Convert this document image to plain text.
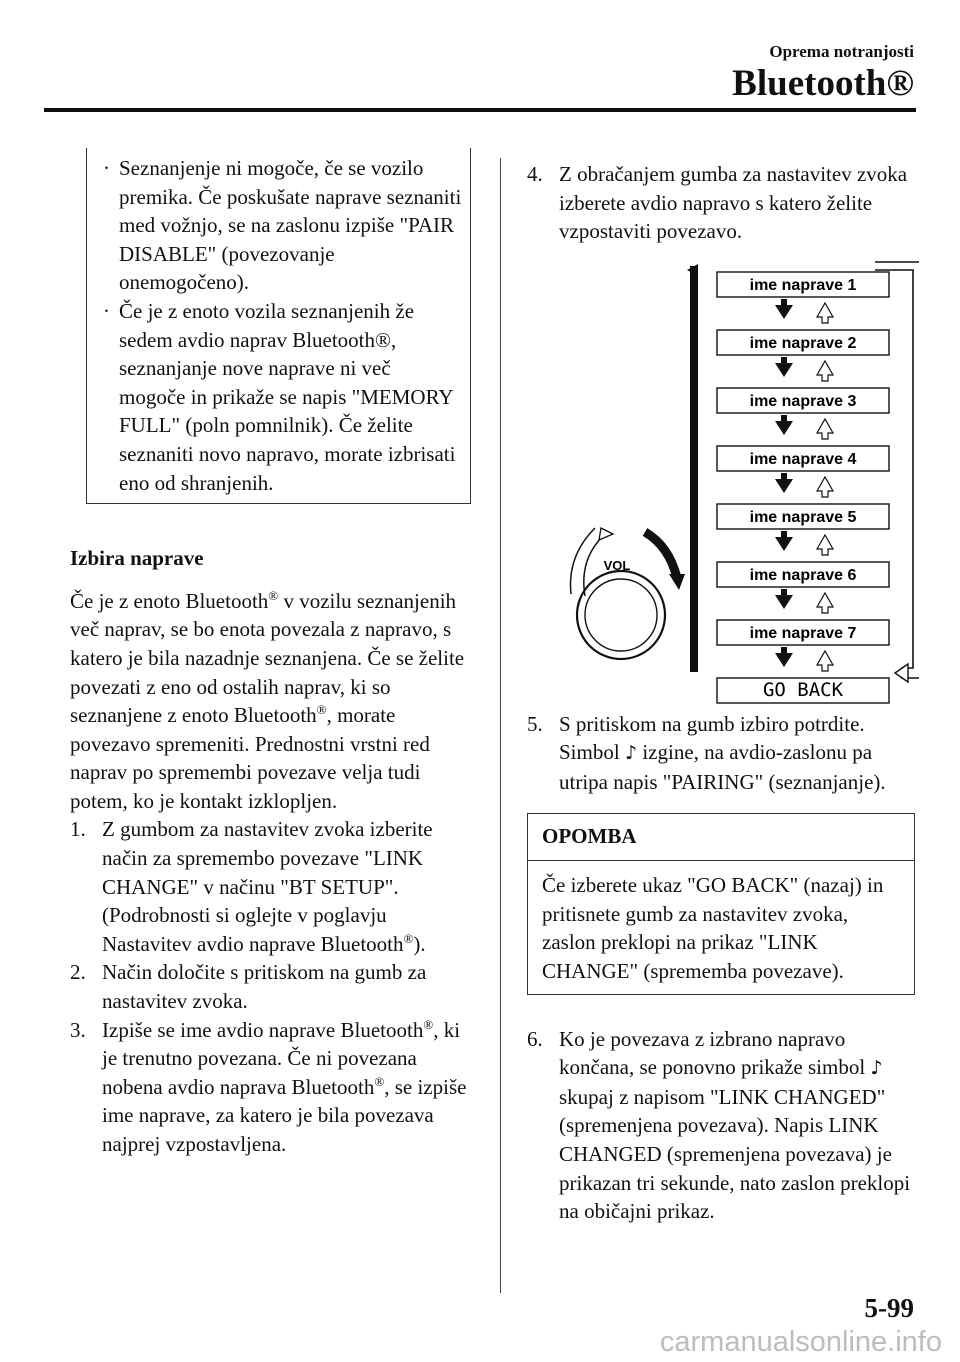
Oprema notranjosti
Bluetooth®
· Seznanjenje ni mogoče, če se vozilo premika. Če poskušate naprave seznaniti med vožnjo, se na zaslonu izpiše "PAIR DISABLE" (povezovanje onemogočeno).
· Če je z enoto vozila seznanjenih že sedem avdio naprav Bluetooth®, seznanjanje nove naprave ni več mogoče in prikaže se napis "MEMORY FULL" (poln pomnilnik). Če želite seznaniti novo napravo, morate izbrisati eno od shranjenih.
Izbira naprave

Če je z enoto Bluetooth® v vozilu seznanjenih več naprav, se bo enota povezala z napravo, s katero je bila nazadnje seznanjena. Če se želite povezati z eno od ostalih naprav, ki so seznanjene z enoto Bluetooth®, morate povezavo spremeniti. Prednostni vrstni red naprav po spremembi povezave velja tudi potem, ko je kontakt izklopljen.

1. Z gumbom za nastavitev zvoka izberite način za spremembo povezave "LINK CHANGE" v načinu "BT SETUP". (Podrobnosti si oglejte v poglavju Nastavitev avdio naprave Bluetooth®).
2. Način določite s pritiskom na gumb za nastavitev zvoka.
3. Izpiše se ime avdio naprave Bluetooth®, ki je trenutno povezana. Če ni povezana nobena avdio naprava Bluetooth®, se izpiše ime naprave, za katero je bila povezava najprej vzpostavljena.
4. Z obračanjem gumba za nastavitev zvoka izberete avdio napravo s katero želite vzpostaviti povezavo.
VOL
ime naprave 1
ime naprave 2
ime naprave 3
ime naprave 4
ime naprave 5
ime naprave 6
ime naprave 7
GO BACK
5. S pritiskom na gumb izbiro potrdite. Simbol ♪ izgine, na avdio-zaslonu pa utripa napis "PAIRING" (seznanjanje).
OPOMBA
Če izberete ukaz "GO BACK" (nazaj) in pritisnete gumb za nastavitev zvoka, zaslon preklopi na prikaz "LINK CHANGE" (sprememba povezave).
6. Ko je povezava z izbrano napravo končana, se ponovno prikaže simbol ♪ skupaj z napisom "LINK CHANGED" (spremenjena povezava). Napis LINK CHANGED (spremenjena povezava) je prikazan tri sekunde, nato zaslon preklopi na običajni prikaz.
5-99
carmanualsonline.info
